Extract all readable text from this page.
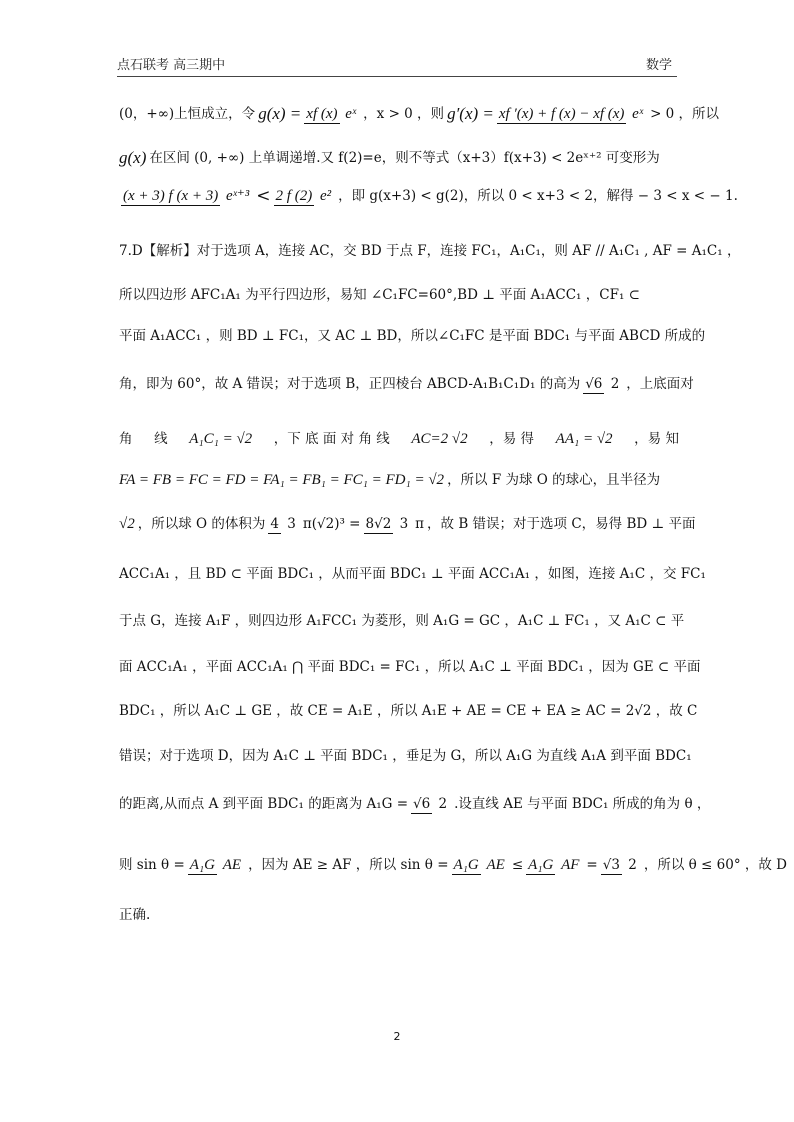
点石联考 高三期中	数学
(0，+∞)上恒成立，令 g(x) = xf (x) eˣ ，x > 0 ，则 g′(x) = xf ′(x) + f (x) − xf (x) eˣ > 0 ，所以
g(x) 在区间 (0, +∞) 上单调递增.又 f(2)=e，则不等式（x+3）f(x+3) < 2eˣ⁺² 可变形为
(x + 3) f (x + 3) eˣ⁺³ < 2 f (2) e² ，即 g(x+3) < g(2)，所以 0 < x+3 < 2，解得 − 3 < x < − 1.
7.D【解析】对于选项 A，连接 AC，交 BD 于点 F，连接 FC₁，A₁C₁，则 AF // A₁C₁ , AF = A₁C₁ ，
所以四边形 AFC₁A₁ 为平行四边形，易知 ∠C₁FC=60°,BD ⊥ 平面 A₁ACC₁ ，CF₁ ⊂
平面 A₁ACC₁ ，则 BD ⊥ FC₁，又 AC ⊥ BD，所以∠C₁FC 是平面 BDC₁ 与平面 ABCD 所成的
角，即为 60°，故 A 错误；对于选项 B，正四棱台 ABCD-A₁B₁C₁D₁ 的高为 √6 2 ，上底面对
角 线 A₁C₁ = √2 ，下 底 面 对 角 线 AC=2 √2 ，易 得 AA₁ = √2 ，易 知
FA = FB = FC = FD = FA₁ = FB₁ = FC₁ = FD₁ = √2 ，所以 F 为球 O 的球心，且半径为
√2 ，所以球 O 的体积为 4 3 π(√2)³ = 8√2 3 π ，故 B 错误；对于选项 C，易得 BD ⊥ 平面
ACC₁A₁ ，且 BD ⊂ 平面 BDC₁ ，从而平面 BDC₁ ⊥ 平面 ACC₁A₁ ，如图，连接 A₁C ，交 FC₁
于点 G，连接 A₁F ，则四边形 A₁FCC₁ 为菱形，则 A₁G = GC ，A₁C ⊥ FC₁ ，又 A₁C ⊂ 平
面 ACC₁A₁ ，平面 ACC₁A₁ ⋂ 平面 BDC₁ = FC₁ ，所以 A₁C ⊥ 平面 BDC₁ ，因为 GE ⊂ 平面
BDC₁ ，所以 A₁C ⊥ GE ，故 CE = A₁E ，所以 A₁E + AE = CE + EA ≥ AC = 2√2 ，故 C
错误；对于选项 D，因为 A₁C ⊥ 平面 BDC₁ ，垂足为 G，所以 A₁G 为直线 A₁A 到平面 BDC₁
的距离,从而点 A 到平面 BDC₁ 的距离为 A₁G = √6 2 .设直线 AE 与平面 BDC₁ 所成的角为 θ ，
则 sin θ = A₁G AE ，因为 AE ≥ AF ，所以 sin θ = A₁G AE ≤ A₁G AF = √3 2 ，所以 θ ≤ 60° ，故 D
正确.
2
